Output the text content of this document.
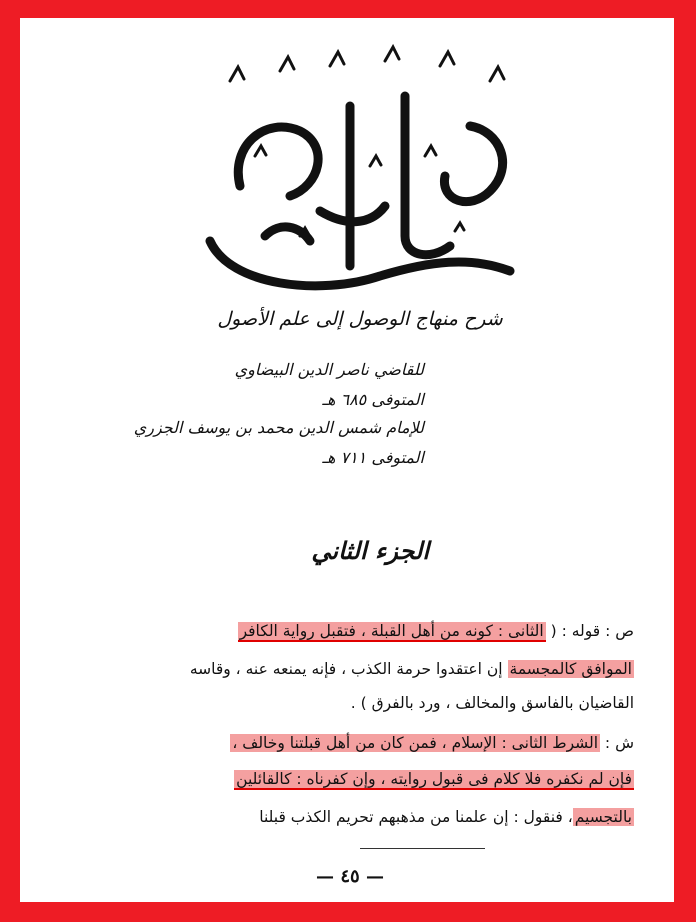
شرح منهاج الوصول إلى علم الأصول
للقاضي ناصر الدين البيضاوي
المتوفى ٦٨٥ هـ
للإمام شمس الدين محمد بن يوسف الجزري
المتوفى ٧١١ هـ
الجزء الثاني
ص : قوله : ( الثانى : كونه من أهل القبلة ، فتقبل رواية الكافر
الموافق كالمجسمة إن اعتقدوا حرمة الكذب ، فإنه يمنعه عنه ، وقاسه
القاضيان بالفاسق والمخالف ، ورد بالفرق ) .
ش : الشرط الثانى : الإسلام ، فمن كان من أهل قبلتنا وخالف ،
فإن لم نكفره فلا كلام فى قبول روايته ، وإن كفرناه : كالقائلين
بالتجسيم، فنقول : إن علمنا من مذهبهم تحريم الكذب قبلنا
— ٤٥ —
